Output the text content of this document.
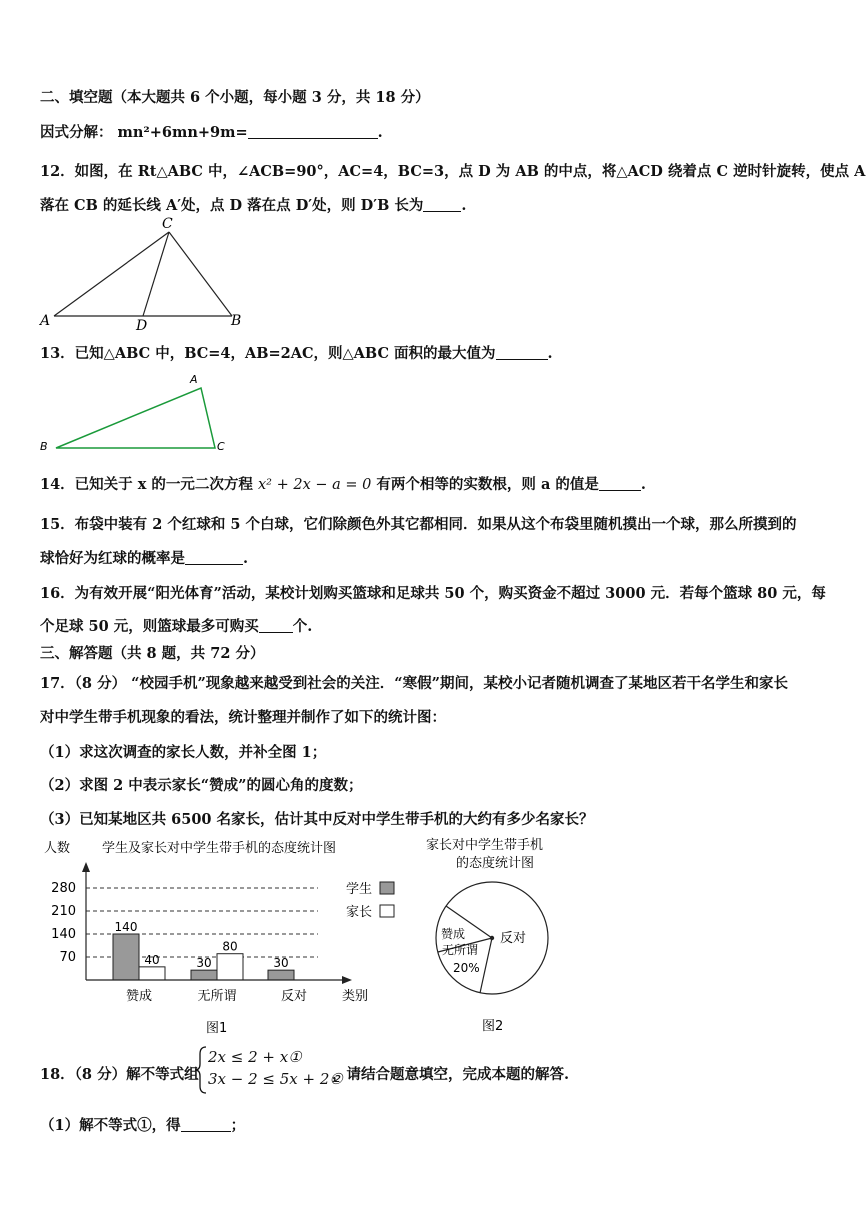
二、填空题（本大题共 6 个小题，每小题 3 分，共 18 分）
因式分解： mn²+6mn+9m=	.
12．如图，在 Rt△ABC 中，∠ACB=90°，AC=4，BC=3，点 D 为 AB 的中点，将△ACD 绕着点 C 逆时针旋转，使点 A
落在 CB 的延长线 A′处，点 D 落在点 D′处，则 D′B 长为	.
C
A	D	B
13．已知△ABC 中，BC=4，AB=2AC，则△ABC 面积的最大值为	.
A
B	C
14．已知关于 x 的一元二次方程 x² + 2x − a = 0 有两个相等的实数根，则 a 的值是	.
15．布袋中装有 2 个红球和 5 个白球，它们除颜色外其它都相同．如果从这个布袋里随机摸出一个球，那么所摸到的
球恰好为红球的概率是	.
16．为有效开展“阳光体育”活动，某校计划购买篮球和足球共 50 个，购买资金不超过 3000 元．若每个篮球 80 元，每
个足球 50 元，则篮球最多可购买 个.
三、解答题（共 8 题，共 72 分）
17．（8 分） “校园手机”现象越来越受到社会的关注．“寒假”期间，某校小记者随机调查了某地区若干名学生和家长
对中学生带手机现象的看法，统计整理并制作了如下的统计图：
（1）求这次调查的家长人数，并补全图 1；
（2）求图 2 中表示家长“赞成”的圆心角的度数；
（3）已知某地区共 6500 名家长，估计其中反对中学生带手机的大约有多少名家长？
人数 学生及家长对中学生带手机的态度统计图
280
210
140
70
140
40
赞成
30
80
无所谓
30
反对	类别
学生
家长
图1
家长对中学生带手机
的态度统计图
赞成
无所谓
20%
反对
图2
18．（8 分）解不等式组
2x ≤ 2 + x①
3x − 2 ≤ 5x + 2②
，请结合题意填空，完成本题的解答.
（1）解不等式①，得	；
